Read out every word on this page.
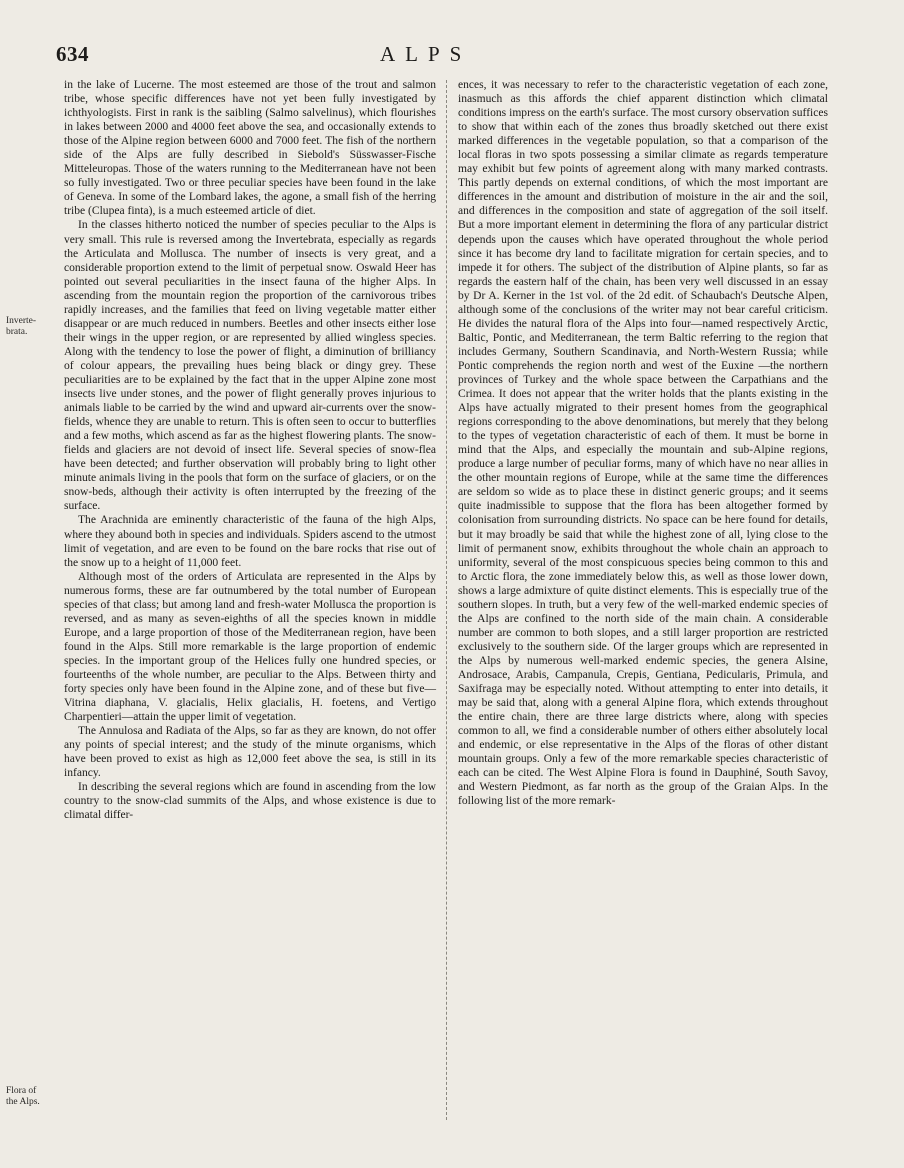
634	ALPS
Inverte-
brata.
Flora of
the Alps.

in the lake of Lucerne. The most esteemed are those of the trout and salmon tribe, whose specific differences have not yet been fully investigated by ichthyologists. First in rank is the saibling (Salmo salvelinus), which flourishes in lakes between 2000 and 4000 feet above the sea, and occasionally extends to those of the Alpine region between 6000 and 7000 feet. The fish of the northern side of the Alps are fully described in Siebold's Süsswasser-Fische Mitteleuropas. Those of the waters running to the Mediterranean have not been so fully investigated. Two or three peculiar species have been found in the lake of Geneva. In some of the Lombard lakes, the agone, a small fish of the herring tribe (Clupea finta), is a much esteemed article of diet.

In the classes hitherto noticed the number of species peculiar to the Alps is very small. This rule is reversed among the Invertebrata, especially as regards the Articulata and Mollusca. The number of insects is very great, and a considerable proportion extend to the limit of perpetual snow. Oswald Heer has pointed out several peculiarities in the insect fauna of the higher Alps. In ascending from the mountain region the proportion of the carnivorous tribes rapidly increases, and the families that feed on living vegetable matter either disappear or are much reduced in numbers. Beetles and other insects either lose their wings in the upper region, or are represented by allied wingless species. Along with the tendency to lose the power of flight, a diminution of brilliancy of colour appears, the prevailing hues being black or dingy grey. These peculiarities are to be explained by the fact that in the upper Alpine zone most insects live under stones, and the power of flight generally proves injurious to animals liable to be carried by the wind and upward air-currents over the snow-fields, whence they are unable to return. This is often seen to occur to butterflies and a few moths, which ascend as far as the highest flowering plants. The snow-fields and glaciers are not devoid of insect life. Several species of snow-flea have been detected; and further observation will probably bring to light other minute animals living in the pools that form on the surface of glaciers, or on the snow-beds, although their activity is often interrupted by the freezing of the surface.

The Arachnida are eminently characteristic of the fauna of the high Alps, where they abound both in species and individuals. Spiders ascend to the utmost limit of vegetation, and are even to be found on the bare rocks that rise out of the snow up to a height of 11,000 feet.

Although most of the orders of Articulata are represented in the Alps by numerous forms, these are far outnumbered by the total number of European species of that class; but among land and fresh-water Mollusca the proportion is reversed, and as many as seven-eighths of all the species known in middle Europe, and a large proportion of those of the Mediterranean region, have been found in the Alps. Still more remarkable is the large proportion of endemic species. In the important group of the Helices fully one hundred species, or fourteenths of the whole number, are peculiar to the Alps. Between thirty and forty species only have been found in the Alpine zone, and of these but five—Vitrina diaphana, V. glacialis, Helix glacialis, H. foetens, and Vertigo Charpentieri—attain the upper limit of vegetation.

The Annulosa and Radiata of the Alps, so far as they are known, do not offer any points of special interest; and the study of the minute organisms, which have been proved to exist as high as 12,000 feet above the sea, is still in its infancy.

In describing the several regions which are found in ascending from the low country to the snow-clad summits of the Alps, and whose existence is due to climatal differ-

ences, it was necessary to refer to the characteristic vegetation of each zone, inasmuch as this affords the chief apparent distinction which climatal conditions impress on the earth's surface. The most cursory observation suffices to show that within each of the zones thus broadly sketched out there exist marked differences in the vegetable population, so that a comparison of the local floras in two spots possessing a similar climate as regards temperature may exhibit but few points of agreement along with many marked contrasts. This partly depends on external conditions, of which the most important are differences in the amount and distribution of moisture in the air and the soil, and differences in the composition and state of aggregation of the soil itself. But a more important element in determining the flora of any particular district depends upon the causes which have operated throughout the whole period since it has become dry land to facilitate migration for certain species, and to impede it for others. The subject of the distribution of Alpine plants, so far as regards the eastern half of the chain, has been very well discussed in an essay by Dr A. Kerner in the 1st vol. of the 2d edit. of Schaubach's Deutsche Alpen, although some of the conclusions of the writer may not bear careful criticism. He divides the natural flora of the Alps into four—named respectively Arctic, Baltic, Pontic, and Mediterranean, the term Baltic referring to the region that includes Germany, Southern Scandinavia, and North-Western Russia; while Pontic comprehends the region north and west of the Euxine —the northern provinces of Turkey and the whole space between the Carpathians and the Crimea. It does not appear that the writer holds that the plants existing in the Alps have actually migrated to their present homes from the geographical regions corresponding to the above denominations, but merely that they belong to the types of vegetation characteristic of each of them. It must be borne in mind that the Alps, and especially the mountain and sub-Alpine regions, produce a large number of peculiar forms, many of which have no near allies in the other mountain regions of Europe, while at the same time the differences are seldom so wide as to place these in distinct generic groups; and it seems quite inadmissible to suppose that the flora has been altogether formed by colonisation from surrounding districts. No space can be here found for details, but it may broadly be said that while the highest zone of all, lying close to the limit of permanent snow, exhibits throughout the whole chain an approach to uniformity, several of the most conspicuous species being common to this and to Arctic flora, the zone immediately below this, as well as those lower down, shows a large admixture of quite distinct elements. This is especially true of the southern slopes. In truth, but a very few of the well-marked endemic species of the Alps are confined to the north side of the main chain. A considerable number are common to both slopes, and a still larger proportion are restricted exclusively to the southern side. Of the larger groups which are represented in the Alps by numerous well-marked endemic species, the genera Alsine, Androsace, Arabis, Campanula, Crepis, Gentiana, Pedicularis, Primula, and Saxifraga may be especially noted. Without attempting to enter into details, it may be said that, along with a general Alpine flora, which extends throughout the entire chain, there are three large districts where, along with species common to all, we find a considerable number of others either absolutely local and endemic, or else representative in the Alps of the floras of other distant mountain groups. Only a few of the more remarkable species characteristic of each can be cited. The West Alpine Flora is found in Dauphiné, South Savoy, and Western Piedmont, as far north as the group of the Graian Alps. In the following list of the more remark-
